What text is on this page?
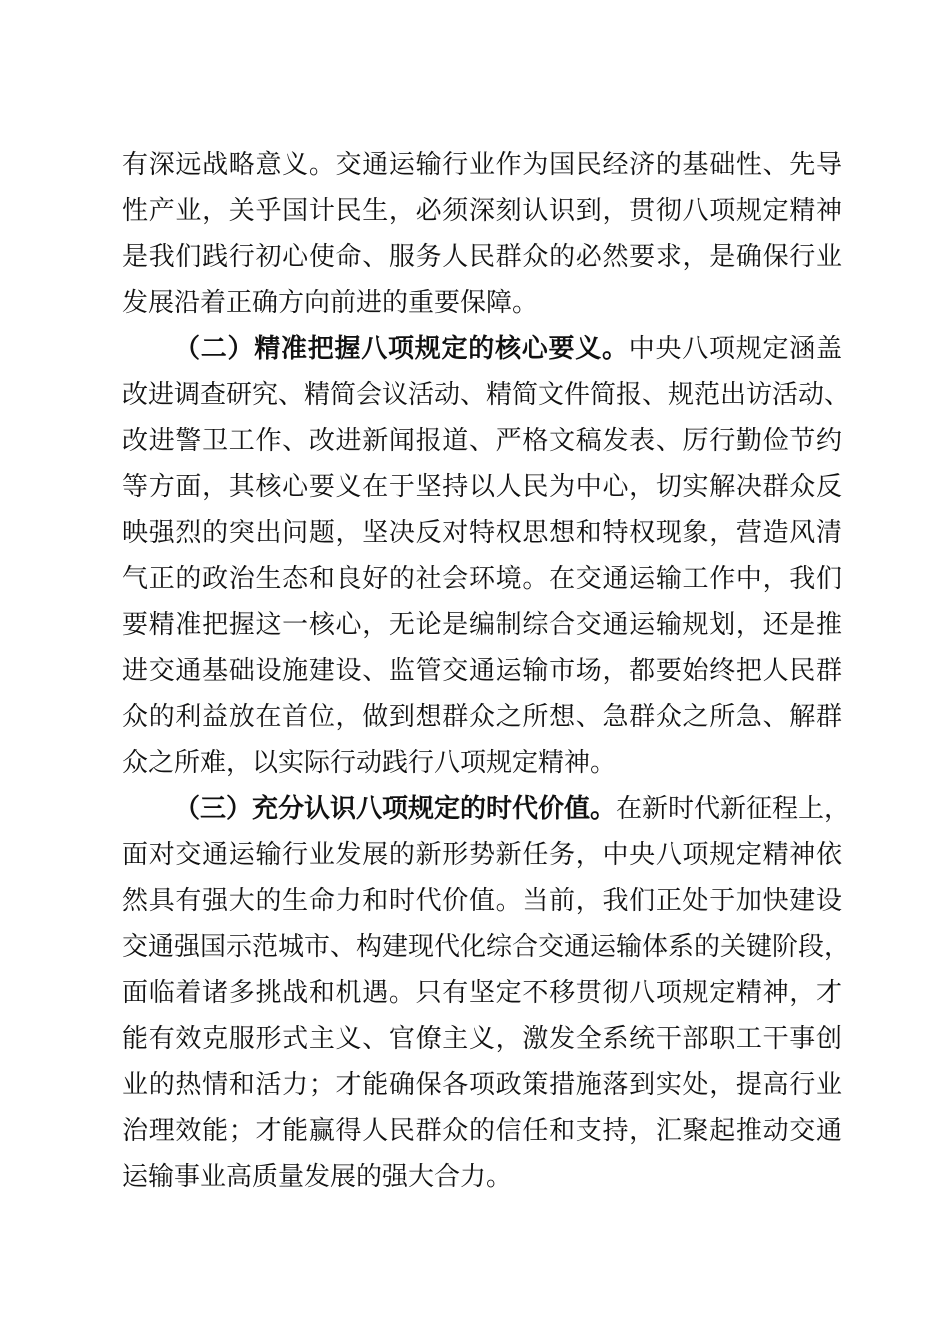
有深远战略意义。交通运输行业作为国民经济的基础性、先导
性产业，关乎国计民生，必须深刻认识到，贯彻八项规定精神
是我们践行初心使命、服务人民群众的必然要求，是确保行业
发展沿着正确方向前进的重要保障。
（二）精准把握八项规定的核心要义。中央八项规定涵盖
改进调查研究、精简会议活动、精简文件简报、规范出访活动、
改进警卫工作、改进新闻报道、严格文稿发表、厉行勤俭节约
等方面，其核心要义在于坚持以人民为中心，切实解决群众反
映强烈的突出问题，坚决反对特权思想和特权现象，营造风清
气正的政治生态和良好的社会环境。在交通运输工作中，我们
要精准把握这一核心，无论是编制综合交通运输规划，还是推
进交通基础设施建设、监管交通运输市场，都要始终把人民群
众的利益放在首位，做到想群众之所想、急群众之所急、解群
众之所难，以实际行动践行八项规定精神。
（三）充分认识八项规定的时代价值。在新时代新征程上，
面对交通运输行业发展的新形势新任务，中央八项规定精神依
然具有强大的生命力和时代价值。当前，我们正处于加快建设
交通强国示范城市、构建现代化综合交通运输体系的关键阶段，
面临着诸多挑战和机遇。只有坚定不移贯彻八项规定精神，才
能有效克服形式主义、官僚主义，激发全系统干部职工干事创
业的热情和活力；才能确保各项政策措施落到实处，提高行业
治理效能；才能赢得人民群众的信任和支持，汇聚起推动交通
运输事业高质量发展的强大合力。
